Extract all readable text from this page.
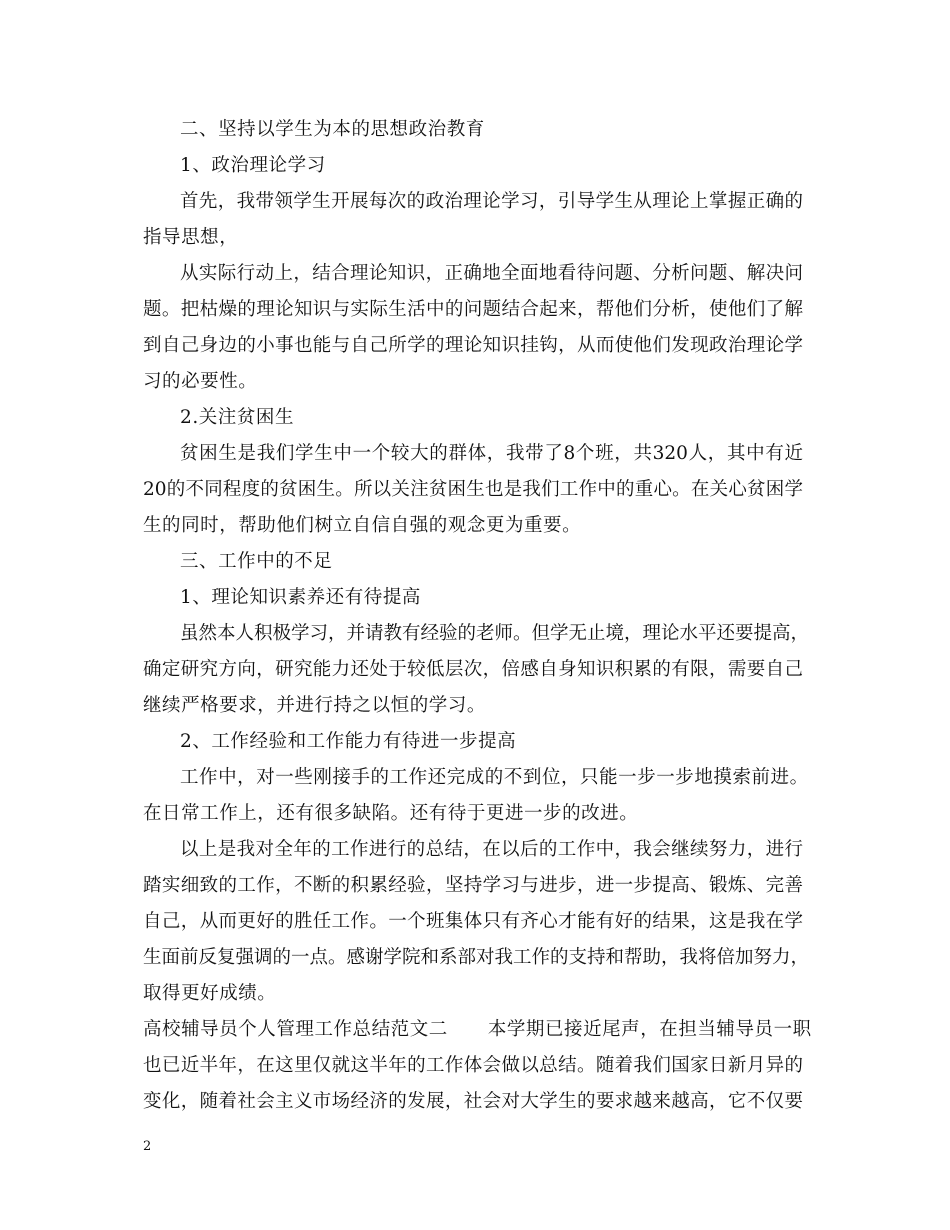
二、坚持以学生为本的思想政治教育
1、政治理论学习
首先，我带领学生开展每次的政治理论学习，引导学生从理论上掌握正确的
指导思想，
从实际行动上，结合理论知识，正确地全面地看待问题、分析问题、解决问
题。把枯燥的理论知识与实际生活中的问题结合起来，帮他们分析，使他们了解
到自己身边的小事也能与自己所学的理论知识挂钩，从而使他们发现政治理论学
习的必要性。
2.关注贫困生
贫困生是我们学生中一个较大的群体，我带了8个班，共320人，其中有近
20的不同程度的贫困生。所以关注贫困生也是我们工作中的重心。在关心贫困学
生的同时，帮助他们树立自信自强的观念更为重要。
三、工作中的不足
1、理论知识素养还有待提高
虽然本人积极学习，并请教有经验的老师。但学无止境，理论水平还要提高，
确定研究方向，研究能力还处于较低层次，倍感自身知识积累的有限，需要自己
继续严格要求，并进行持之以恒的学习。
2、工作经验和工作能力有待进一步提高
工作中，对一些刚接手的工作还完成的不到位，只能一步一步地摸索前进。
在日常工作上，还有很多缺陷。还有待于更进一步的改进。
以上是我对全年的工作进行的总结，在以后的工作中，我会继续努力，进行
踏实细致的工作，不断的积累经验，坚持学习与进步，进一步提高、锻炼、完善
自己，从而更好的胜任工作。一个班集体只有齐心才能有好的结果，这是我在学
生面前反复强调的一点。感谢学院和系部对我工作的支持和帮助，我将倍加努力，
取得更好成绩。
高校辅导员个人管理工作总结范文二 本学期已接近尾声，在担当辅导员一职
也已近半年，在这里仅就这半年的工作体会做以总结。随着我们国家日新月异的
变化，随着社会主义市场经济的发展，社会对大学生的要求越来越高，它不仅要
2
